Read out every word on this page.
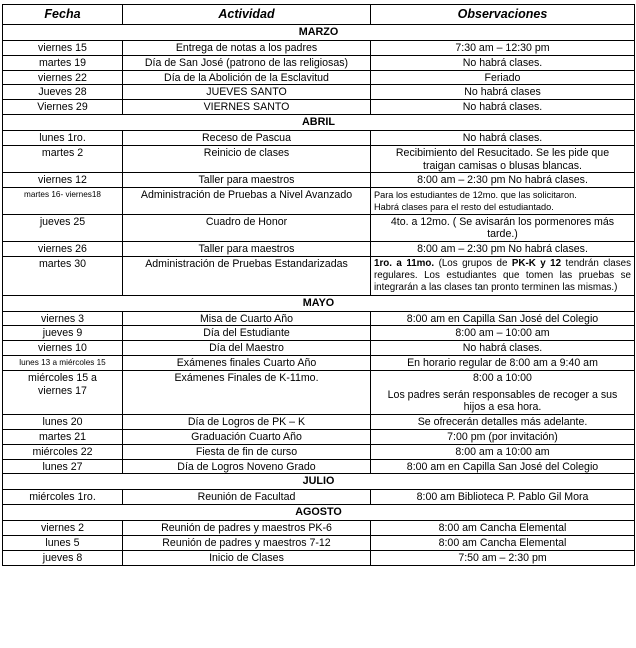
Fecha	Actividad	Observaciones
MARZO		
viernes 15	Entrega de notas a los padres	7:30 am – 12:30 pm
martes 19	Día de San José (patrono de las religiosas)	No habrá clases.
viernes 22	Día de la Abolición de la Esclavitud	Feriado
Jueves 28	JUEVES SANTO	No habrá clases
Viernes 29	VIERNES SANTO	No habrá clases.
ABRIL		
lunes 1ro.	Receso de Pascua	No habrá clases.
martes 2	Reinicio de clases	Recibimiento del Resucitado. Se les pide que
traigan camisas o blusas blancas.

viernes 12	Taller para maestros	8:00 am – 2:30 pm No habrá clases.
martes 16- viernes18	Administración de Pruebas a Nivel Avanzado	Para los estudiantes de 12mo. que las solicitaron.
Habrá clases para el resto del estudiantado.

jueves 25	Cuadro de Honor	4to. a 12mo. ( Se avisarán los pormenores más
tarde.)

viernes 26	Taller para maestros	8:00 am – 2:30 pm No habrá clases.
martes 30	Administración de Pruebas Estandarizadas	1ro. a 11mo. (Los grupos de PK-K y 12 tendrán clases regulares. Los estudiantes que tomen las pruebas se integrarán a las clases tan pronto terminen las mismas.)
MAYO		
viernes 3	Misa de Cuarto Año	8:00 am en Capilla San José del Colegio
jueves 9	Día del Estudiante	8:00 am – 10:00 am
viernes 10	Día del Maestro	No habrá clases.
lunes 13 a miércoles 15	Exámenes finales Cuarto Año	En horario regular de 8:00 am a 9:40 am

miércoles 15 a
viernes 17	Exámenes Finales de K-11mo.	8:00 a 10:00
Los padres serán responsables de recoger a sus
hijos a esa hora.

lunes 20	Día de Logros de PK – K	Se ofrecerán detalles más adelante.
martes 21	Graduación Cuarto Año	7:00 pm (por invitación)
miércoles 22	Fiesta de fin de curso	8:00 am a 10:00 am
lunes 27	Día de Logros Noveno Grado	8:00 am en Capilla San José del Colegio
JULIO		
miércoles 1ro.	Reunión de Facultad	8:00 am Biblioteca P. Pablo Gil Mora
AGOSTO		
viernes 2	Reunión de padres y maestros PK-6	8:00 am Cancha Elemental
lunes 5	Reunión de padres y maestros 7-12	8:00 am Cancha Elemental
jueves 8	Inicio de Clases	7:50 am – 2:30 pm
